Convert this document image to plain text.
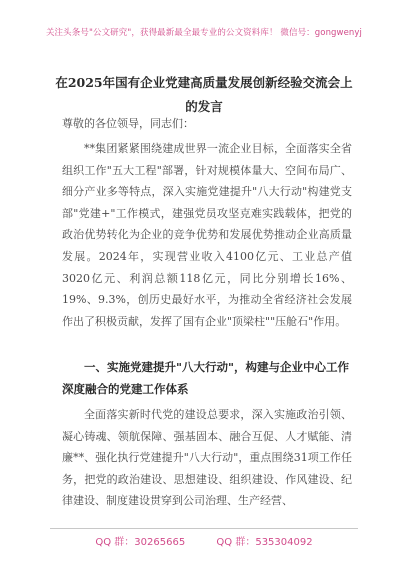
关注头条号"公文研究"，获得最新最全最专业的公文资料库！ 微信号：gongwenyj
在2025年国有企业党建高质量发展创新经验交流会上的发言
尊敬的各位领导，同志们：
**集团紧紧围绕建成世界一流企业目标，全面落实全省组织工作"五大工程"部署，针对规模体量大、空间布局广、细分产业多等特点，深入实施党建提升"八大行动"构建党支部"党建+"工作模式，建强党员攻坚克难实践载体，把党的政治优势转化为企业的竞争优势和发展优势推动企业高质量发展。2024年，实现营业收入4100亿元、工业总产值3020亿元、利润总额118亿元，同比分别增长16%、19%、9.3%，创历史最好水平，为推动全省经济社会发展作出了积极贡献，发挥了国有企业"顶梁柱""压舱石"作用。
一、实施党建提升"八大行动"，构建与企业中心工作深度融合的党建工作体系
全面落实新时代党的建设总要求，深入实施政治引领、凝心铸魂、领航保障、强基固本、融合互促、人才赋能、清廉**、强化执行党建提升"八大行动"，重点围绕31项工作任务，把党的政治建设、思想建设、组织建设、作风建设、纪律建设、制度建设贯穿到公司治理、生产经营、
QQ 群：30265665	QQ 群：535304092
